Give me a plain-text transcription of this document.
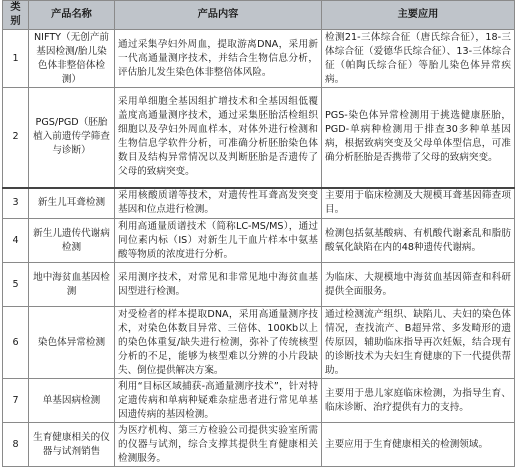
类别	产品名称	产品内容	主要应用
1	NIFTY（无创产前基因检测/胎儿染色体非整倍体检测）	通过采集孕妇外周血，提取游离DNA，采用新一代高通量测序技术，并结合生物信息分析，评估胎儿发生染色体非整倍体风险。	检测21-三体综合征（唐氏综合征），18-三体综合征（爱德华氏综合征）、13-三体综合征（帕陶氏综合征）等胎儿染色体异常疾病。
2	PGS/PGD（胚胎植入前遗传学筛查与诊断）	采用单细胞全基因组扩增技术和全基因组低覆盖度高通量测序技术，通过采集胚胎活检组织细胞以及孕妇外周血样本，对体外进行检测和生物信息学软件分析，可准确分析胚胎染色体数目及结构异常情况以及判断胚胎是否遗传了父母的致病突变。	PGS-染色体异常检测用于挑选健康胚胎，PGD-单病种检测用于排查30多种单基因病，根据致病突变及父母单体型信息，可准确分析胚胎是否携带了父母的致病突变。
3	新生儿耳聋检测	采用核酸质谱等技术，对遗传性耳聋高发突变基因和位点进行检测。	主要用于临床检测及大规模耳聋基因筛查项目。
4	新生儿遗传代谢病检测	利用高通量质谱技术（简称LC-MS/MS），通过同位素内标（IS）对新生儿干血片样本中氨基酸等物质的浓度进行分析。	检测包括氨基酸病、有机酸代谢紊乱和脂肪酸氧化缺陷在内的48种遗传代谢病。
5	地中海贫血基因检测	采用测序技术，对常见和非常见地中海贫血基因型进行检测。	为临床、大规模地中海贫血基因筛查和科研提供全面服务。
6	染色体异常检测	对受检者的样本提取DNA，采用高通量测序技术，对染色体数目异常、三倍体、100Kb以上的染色体重复/缺失进行检测，弥补了传统核型分析的不足，能够为核型难以分辨的小片段缺失、倒位提供解决方案。	通过检测流产组织、缺陷儿、夫妇的染色体情况，查找流产、B超异常、多发畸形的遗传原因，辅助临床指导再次妊娠，结合现有的诊断技术为夫妇生育健康的下一代提供帮助。
7	单基因病检测	利用“目标区域捕获-高通量测序技术”，针对特定遗传病和单病种疑难杂症患者进行常见单基因遗传病的基因检测。	主要用于患儿家庭临床检测，为指导生育、临床诊断、治疗提供有力的支持。
8	生育健康相关的仪器与试剂销售	为医疗机构、第三方检验公司提供实验室所需的仪器与试剂，综合支撑其提供生育健康相关检测服务。	主要应用于生育健康相关的检测领域。
